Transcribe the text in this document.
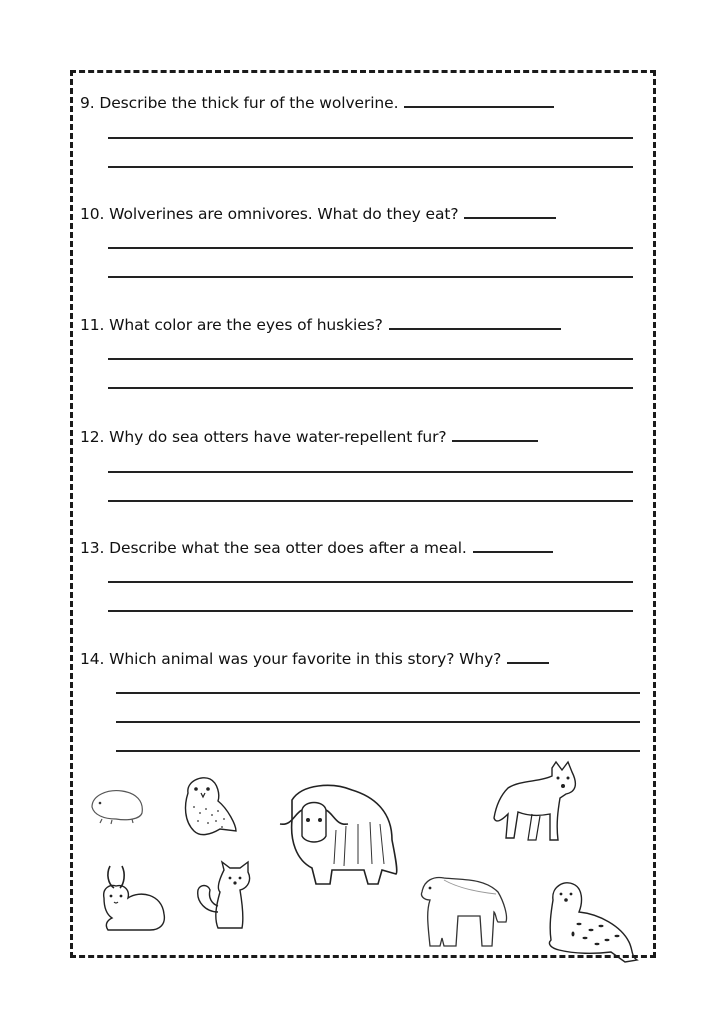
9. Describe the thick fur of the wolverine.
10. Wolverines are omnivores. What do they eat?
11. What color are the eyes of huskies?
12. Why do sea otters have water-repellent fur?
13. Describe what the sea otter does after a meal.
14. Which animal was your favorite in this story? Why?
